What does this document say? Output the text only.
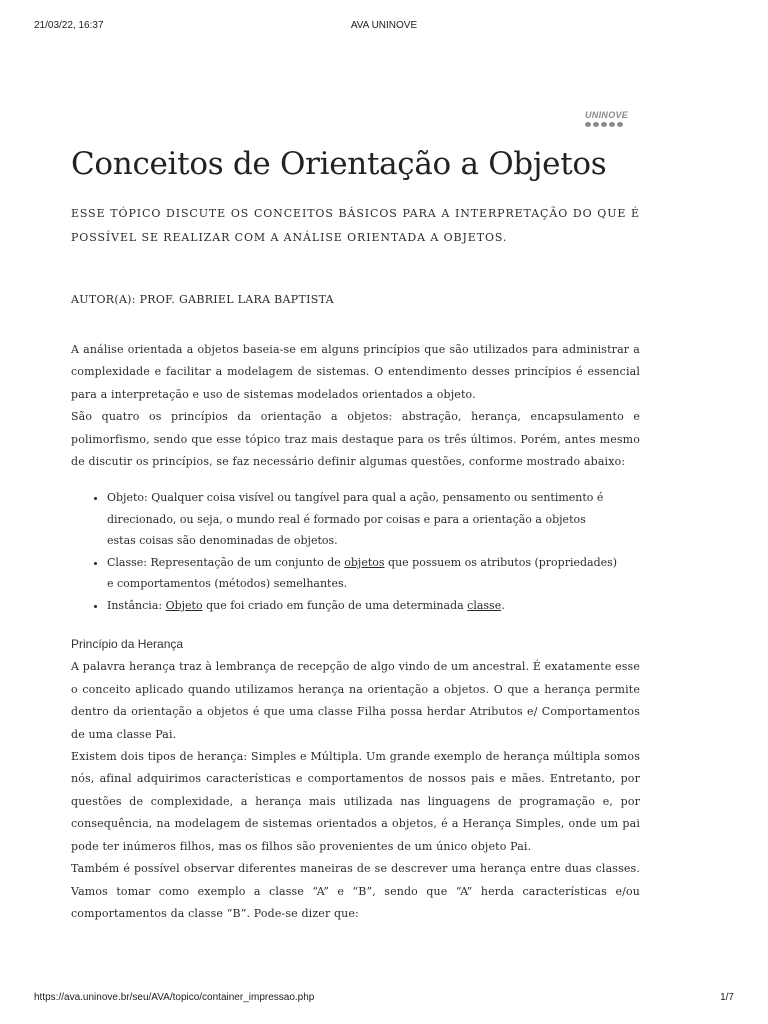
21/03/22, 16:37	AVA UNINOVE
UNINOVE
Conceitos de Orientação a Objetos

ESSE TÓPICO DISCUTE OS CONCEITOS BÁSICOS PARA A INTERPRETAÇÃO DO QUE É POSSÍVEL SE REALIZAR COM A ANÁLISE ORIENTADA A OBJETOS.

AUTOR(A): PROF. GABRIEL LARA BAPTISTA

A análise orientada a objetos baseia-se em alguns princípios que são utilizados para administrar a complexidade e facilitar a modelagem de sistemas. O entendimento desses princípios é essencial para a interpretação e uso de sistemas modelados orientados a objeto.

São quatro os princípios da orientação a objetos: abstração, herança, encapsulamento e polimorfismo, sendo que esse tópico traz mais destaque para os três últimos. Porém, antes mesmo de discutir os princípios, se faz necessário definir algumas questões, conforme mostrado abaixo:

• Objeto: Qualquer coisa visível ou tangível para qual a ação, pensamento ou sentimento é direcionado, ou seja, o mundo real é formado por coisas e para a orientação a objetos estas coisas são denominadas de objetos.
• Classe: Representação de um conjunto de objetos que possuem os atributos (propriedades) e comportamentos (métodos) semelhantes.
• Instância: Objeto que foi criado em função de uma determinada classe.
Princípio da Herança

A palavra herança traz à lembrança de recepção de algo vindo de um ancestral. É exatamente esse o conceito aplicado quando utilizamos herança na orientação a objetos. O que a herança permite dentro da orientação a objetos é que uma classe Filha possa herdar Atributos e/ Comportamentos de uma classe Pai.

Existem dois tipos de herança: Simples e Múltipla. Um grande exemplo de herança múltipla somos nós, afinal adquirimos características e comportamentos de nossos pais e mães. Entretanto, por questões de complexidade, a herança mais utilizada nas linguagens de programação e, por consequência, na modelagem de sistemas orientados a objetos, é a Herança Simples, onde um pai pode ter inúmeros filhos, mas os filhos são provenientes de um único objeto Pai.

Também é possível observar diferentes maneiras de se descrever uma herança entre duas classes. Vamos tomar como exemplo a classe “A” e “B”, sendo que “A” herda características e/ou comportamentos da classe “B”. Pode-se dizer que:

https://ava.uninove.br/seu/AVA/topico/container_impressao.php	1/7
